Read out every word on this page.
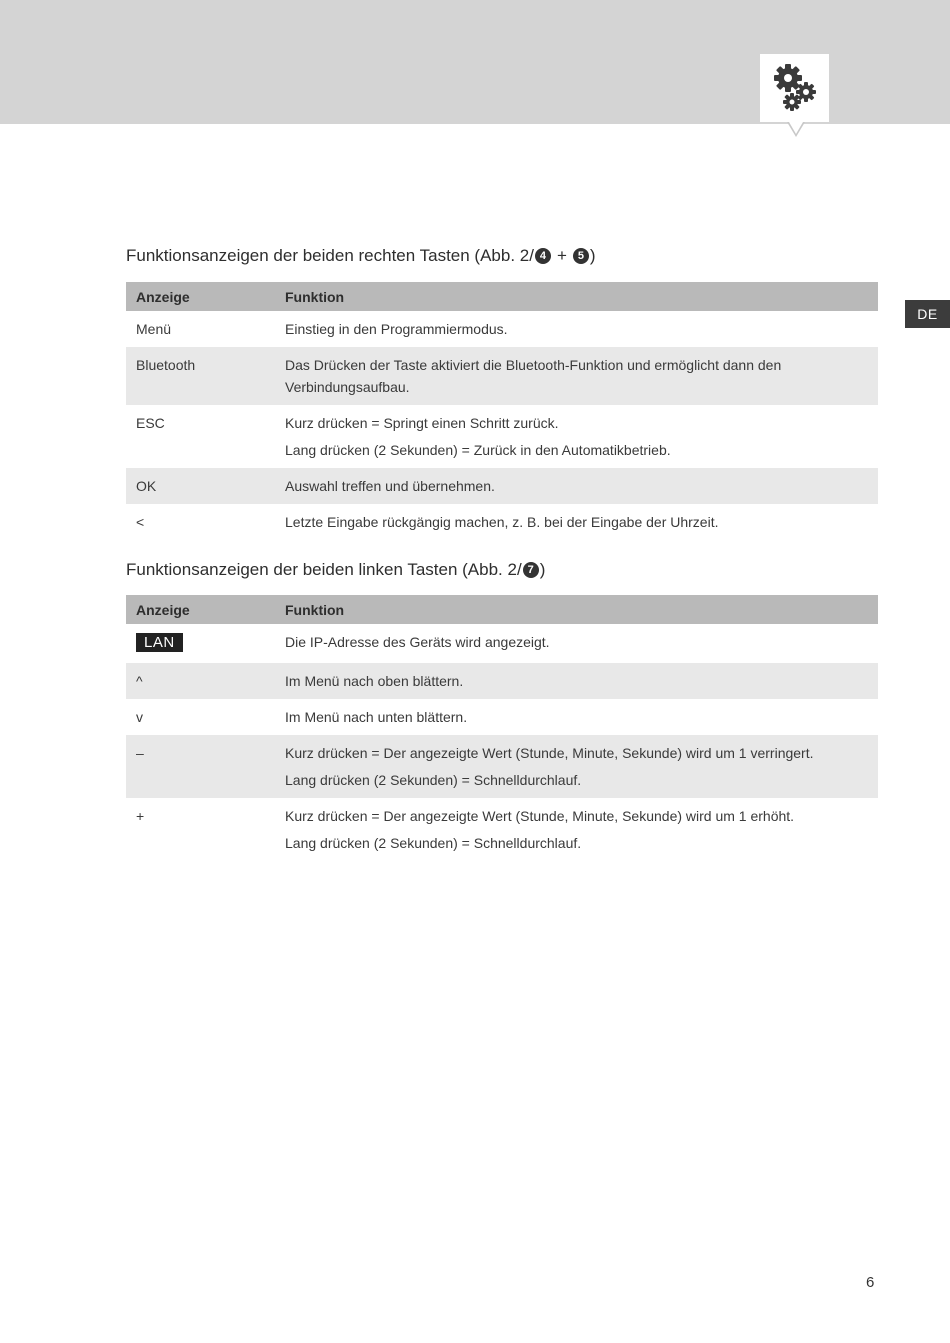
DE
Funktionsanzeigen der beiden rechten Tasten (Abb. 2/ 4 + 5 )
Anzeige	Funktion
Menü	Einstieg in den Programmiermodus.

Bluetooth	Das Drücken der Taste aktiviert die Bluetooth-Funktion und ermöglicht dann den Verbindungsaufbau.

ESC	Kurz drücken = Springt einen Schritt zurück.

Lang drücken (2 Sekunden) = Zurück in den Automatikbetrieb.

OK	Auswahl treffen und übernehmen.

<	Letzte Eingabe rückgängig machen, z. B. bei der Eingabe der Uhrzeit.

Funktionsanzeigen der beiden linken Tasten (Abb. 2/ 7 )
Anzeige	Funktion
LAN	Die IP-Adresse des Geräts wird angezeigt.

^	Im Menü nach oben blättern.

v	Im Menü nach unten blättern.

–	Kurz drücken = Der angezeigte Wert (Stunde, Minute, Sekunde) wird um 1 verringert.

Lang drücken (2 Sekunden) = Schnelldurchlauf.

+	Kurz drücken = Der angezeigte Wert (Stunde, Minute, Sekunde) wird um 1 erhöht.

Lang drücken (2 Sekunden) = Schnelldurchlauf.

6
